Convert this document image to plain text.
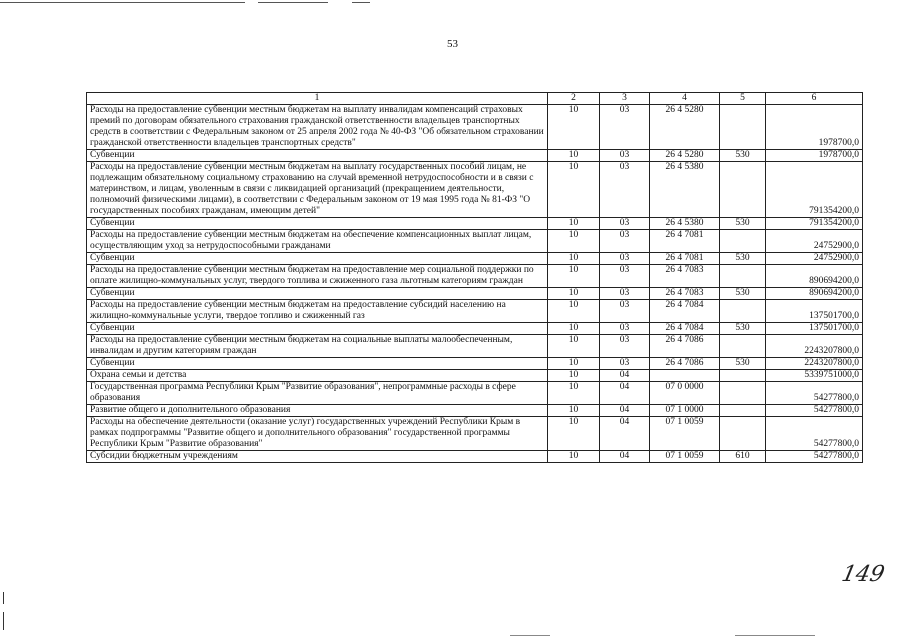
53
1	2	3	4	5	6
Расходы на предоставление субвенции местным бюджетам на выплату инвалидам компенсаций страховых премий по договорам обязательного страхования гражданской ответственности владельцев транспортных средств в соответствии с Федеральным законом от 25 апреля 2002 года № 40-ФЗ "Об обязательном страховании гражданской ответственности владельцев транспортных средств"	10	03	26 4 5280		1978700,0
Субвенции	10	03	26 4 5280	530	1978700,0
Расходы на предоставление субвенции местным бюджетам на выплату государственных пособий лицам, не подлежащим обязательному социальному страхованию на случай временной нетрудоспособности и в связи с материнством, и лицам, уволенным в связи с ликвидацией организаций (прекращением деятельности, полномочий физическими лицами), в соответствии с Федеральным законом от 19 мая 1995 года № 81-ФЗ "О государственных пособиях гражданам, имеющим детей"	10	03	26 4 5380		791354200,0
Субвенции	10	03	26 4 5380	530	791354200,0
Расходы на предоставление субвенции местным бюджетам на обеспечение компенсационных выплат лицам, осуществляющим уход за нетрудоспособными гражданами	10	03	26 4 7081		24752900,0
Субвенции	10	03	26 4 7081	530	24752900,0
Расходы на предоставление субвенции местным бюджетам на предоставление мер социальной поддержки по оплате жилищно-коммунальных услуг, твердого топлива и сжиженного газа льготным категориям граждан	10	03	26 4 7083		890694200,0
Субвенции	10	03	26 4 7083	530	890694200,0
Расходы на предоставление субвенции местным бюджетам на предоставление субсидий населению на жилищно-коммунальные услуги, твердое топливо и сжиженный газ	10	03	26 4 7084		137501700,0
Субвенции	10	03	26 4 7084	530	137501700,0
Расходы на предоставление субвенции местным бюджетам на социальные выплаты малообеспеченным, инвалидам и другим категориям граждан	10	03	26 4 7086		2243207800,0
Субвенции	10	03	26 4 7086	530	2243207800,0
Охрана семьи и детства	10	04			5339751000,0
Государственная программа Республики Крым "Развитие образования", непрограммные расходы в сфере образования	10	04	07 0 0000		54277800,0
Развитие общего и дополнительного образования	10	04	07 1 0000		54277800,0
Расходы на обеспечение деятельности (оказание услуг) государственных учреждений Республики Крым в рамках подпрограммы "Развитие общего и дополнительного образования" государственной программы Республики Крым "Развитие образования"	10	04	07 1 0059		54277800,0
Субсидии бюджетным учреждениям	10	04	07 1 0059	610	54277800,0
149
